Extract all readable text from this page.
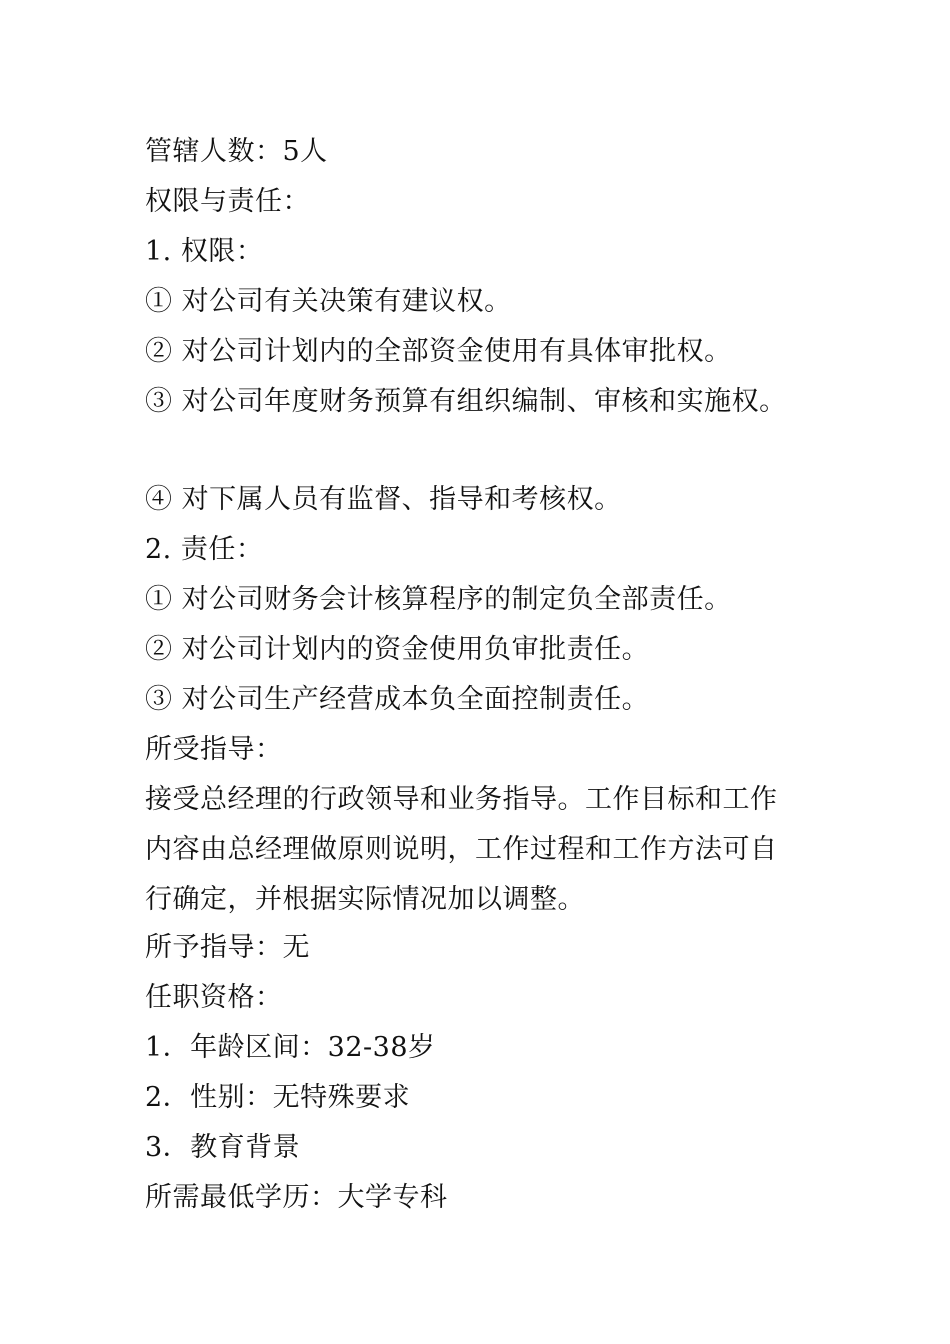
管辖人数：5人
权限与责任：
1. 权限：
① 对公司有关决策有建议权。
② 对公司计划内的全部资金使用有具体审批权。
③ 对公司年度财务预算有组织编制、审核和实施权。
④ 对下属人员有监督、指导和考核权。
2. 责任：
① 对公司财务会计核算程序的制定负全部责任。
② 对公司计划内的资金使用负审批责任。
③ 对公司生产经营成本负全面控制责任。
所受指导：
接受总经理的行政领导和业务指导。工作目标和工作
内容由总经理做原则说明，工作过程和工作方法可自
行确定，并根据实际情况加以调整。
所予指导：无
任职资格：
1．年龄区间：32-38岁
2．性别：无特殊要求
3．教育背景
所需最低学历：大学专科
